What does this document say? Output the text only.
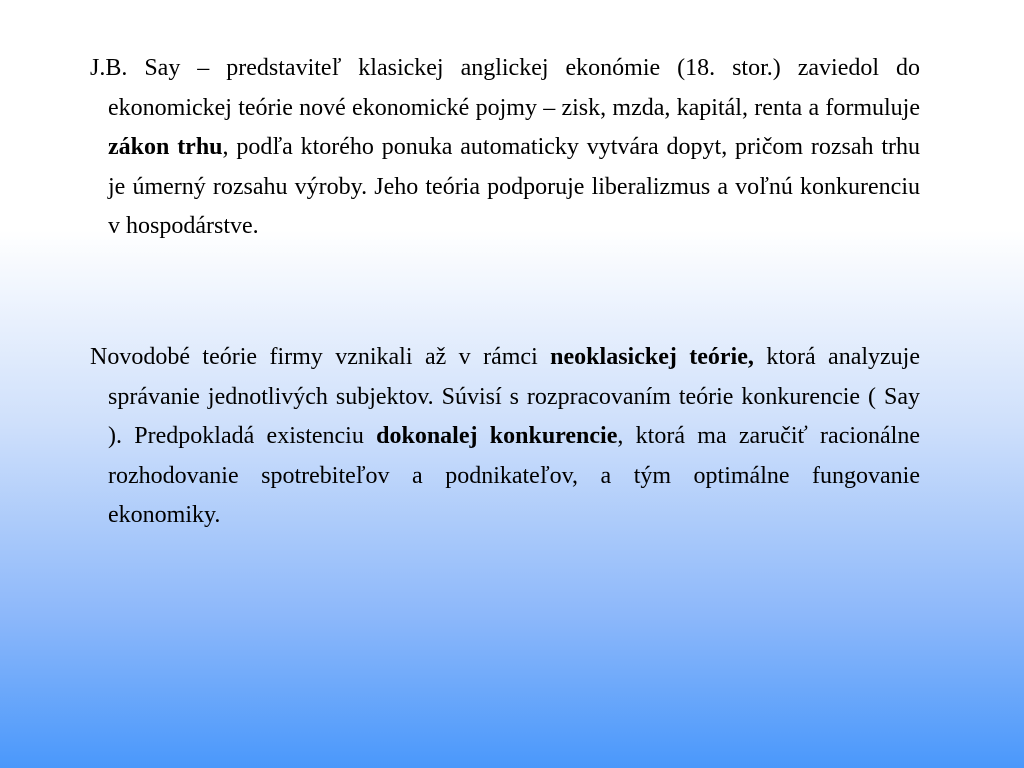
J.B. Say – predstaviteľ klasickej anglickej ekonómie (18. stor.) zaviedol do ekonomickej teórie nové ekonomické pojmy – zisk, mzda, kapitál, renta a formuluje zákon trhu, podľa ktorého ponuka automaticky vytvára dopyt, pričom rozsah trhu je úmerný rozsahu výroby. Jeho teória podporuje liberalizmus a voľnú konkurenciu v hospodárstve.

Novodobé teórie firmy vznikali až v rámci neoklasickej teórie, ktorá analyzuje správanie jednotlivých subjektov. Súvisí s rozpracovaním teórie konkurencie ( Say ). Predpokladá existenciu dokonalej konkurencie, ktorá ma zaručiť racionálne rozhodovanie spotrebiteľov a podnikateľov, a tým optimálne fungovanie ekonomiky.
